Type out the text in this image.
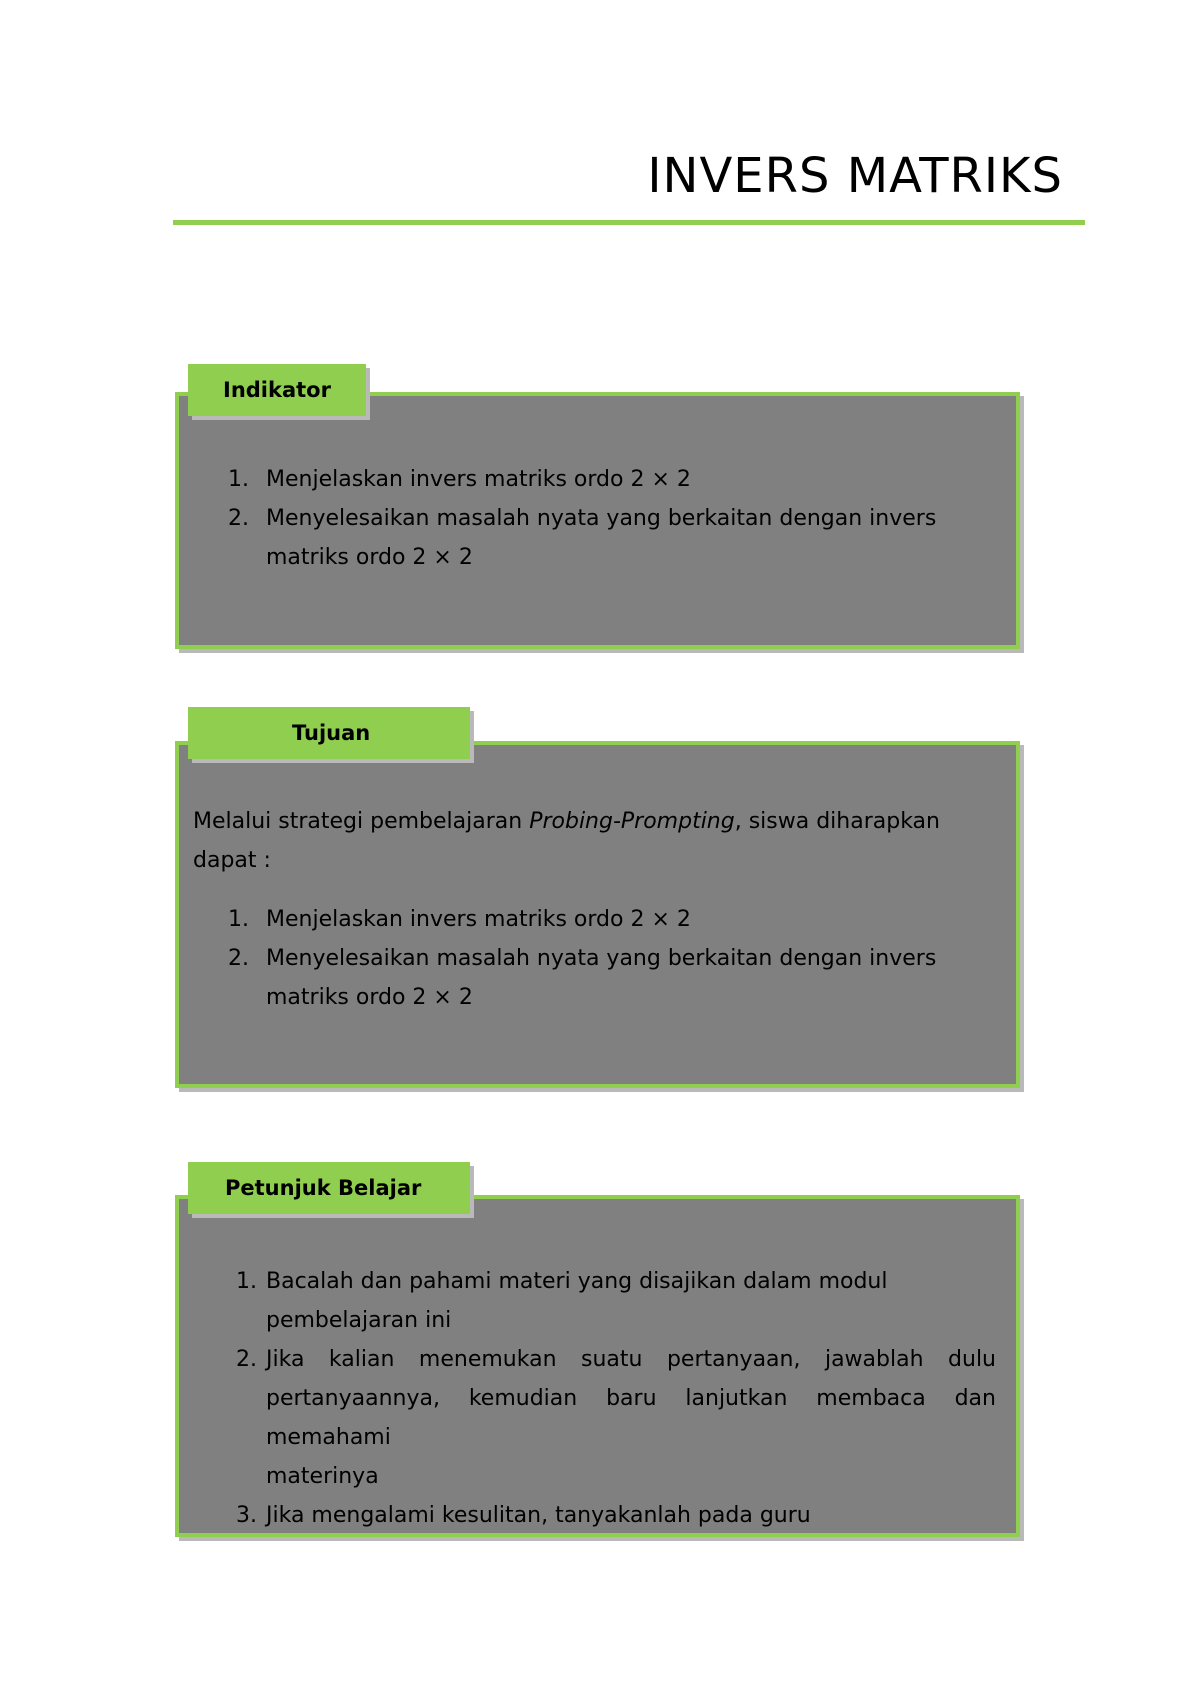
INVERS MATRIKS
Indikator
1. Menjelaskan invers matriks ordo 2 × 2
2. Menyelesaikan masalah nyata yang berkaitan dengan invers
matriks ordo 2 × 2
Tujuan

Melalui strategi pembelajaran Probing-Prompting, siswa diharapkan

dapat :

1. Menjelaskan invers matriks ordo 2 × 2
2. Menyelesaikan masalah nyata yang berkaitan dengan invers
matriks ordo 2 × 2
Petunjuk Belajar
1. Bacalah dan pahami materi yang disajikan dalam modul
pembelajaran ini
2. Jika kalian menemukan suatu pertanyaan, jawablah dulu
pertanyaannya, kemudian baru lanjutkan membaca dan memahami
materinya
3. Jika mengalami kesulitan, tanyakanlah pada guru
